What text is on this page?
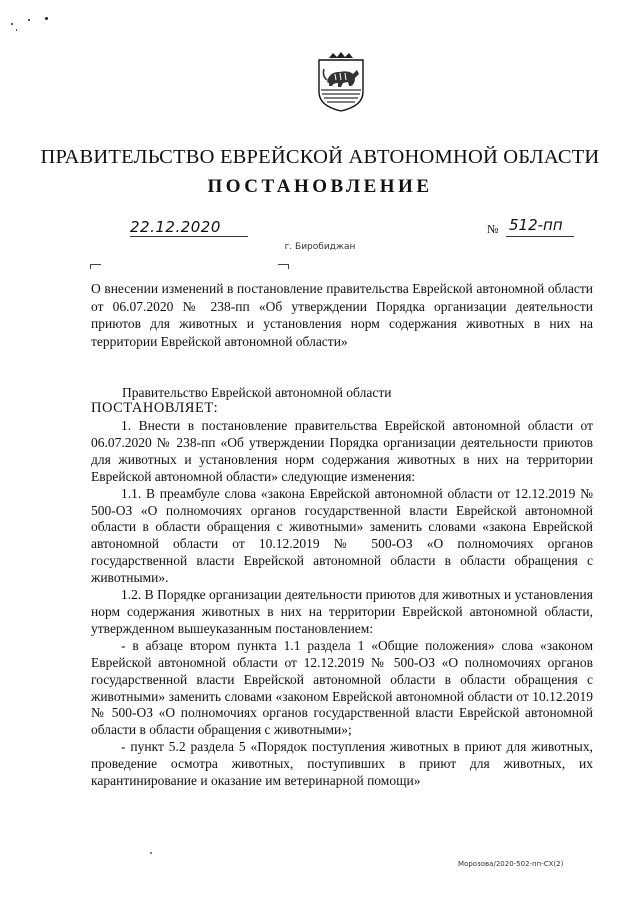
ПРАВИТЕЛЬСТВО ЕВРЕЙСКОЙ АВТОНОМНОЙ ОБЛАСТИ
ПОСТАНОВЛЕНИЕ
22.12.2020	№ 512-пп
г. Биробиджан
О внесении изменений в постановление правительства Еврейской автономной области от 06.07.2020 № 238-пп «Об утверждении Порядка организации деятельности приютов для животных и установления норм содержания животных в них на территории Еврейской автономной области»
Правительство Еврейской автономной области
ПОСТАНОВЛЯЕТ:

1. Внести в постановление правительства Еврейской автономной области от 06.07.2020 № 238-пп «Об утверждении Порядка организации деятельности приютов для животных и установления норм содержания животных в них на территории Еврейской автономной области» следующие изменения:

1.1. В преамбуле слова «закона Еврейской автономной области от 12.12.2019 № 500-ОЗ «О полномочиях органов государственной власти Еврейской автономной области в области обращения с животными» заменить словами «закона Еврейской автономной области от 10.12.2019 № 500-ОЗ «О полномочиях органов государственной власти Еврейской автономной области в области обращения с животными».

1.2. В Порядке организации деятельности приютов для животных и установления норм содержания животных в них на территории Еврейской автономной области, утвержденном вышеуказанным постановлением:

- в абзаце втором пункта 1.1 раздела 1 «Общие положения» слова «законом Еврейской автономной области от 12.12.2019 № 500-ОЗ «О полномочиях органов государственной власти Еврейской автономной области в области обращения с животными» заменить словами «законом Еврейской автономной области от 10.12.2019 № 500-ОЗ «О полномочиях органов государственной власти Еврейской автономной области в области обращения с животными»;

- пункт 5.2 раздела 5 «Порядок поступления животных в приют для животных, проведение осмотра животных, поступивших в приют для животных, их карантинирование и оказание им ветеринарной помощи»

Морозова/2020-502-пп-СХ(2)
